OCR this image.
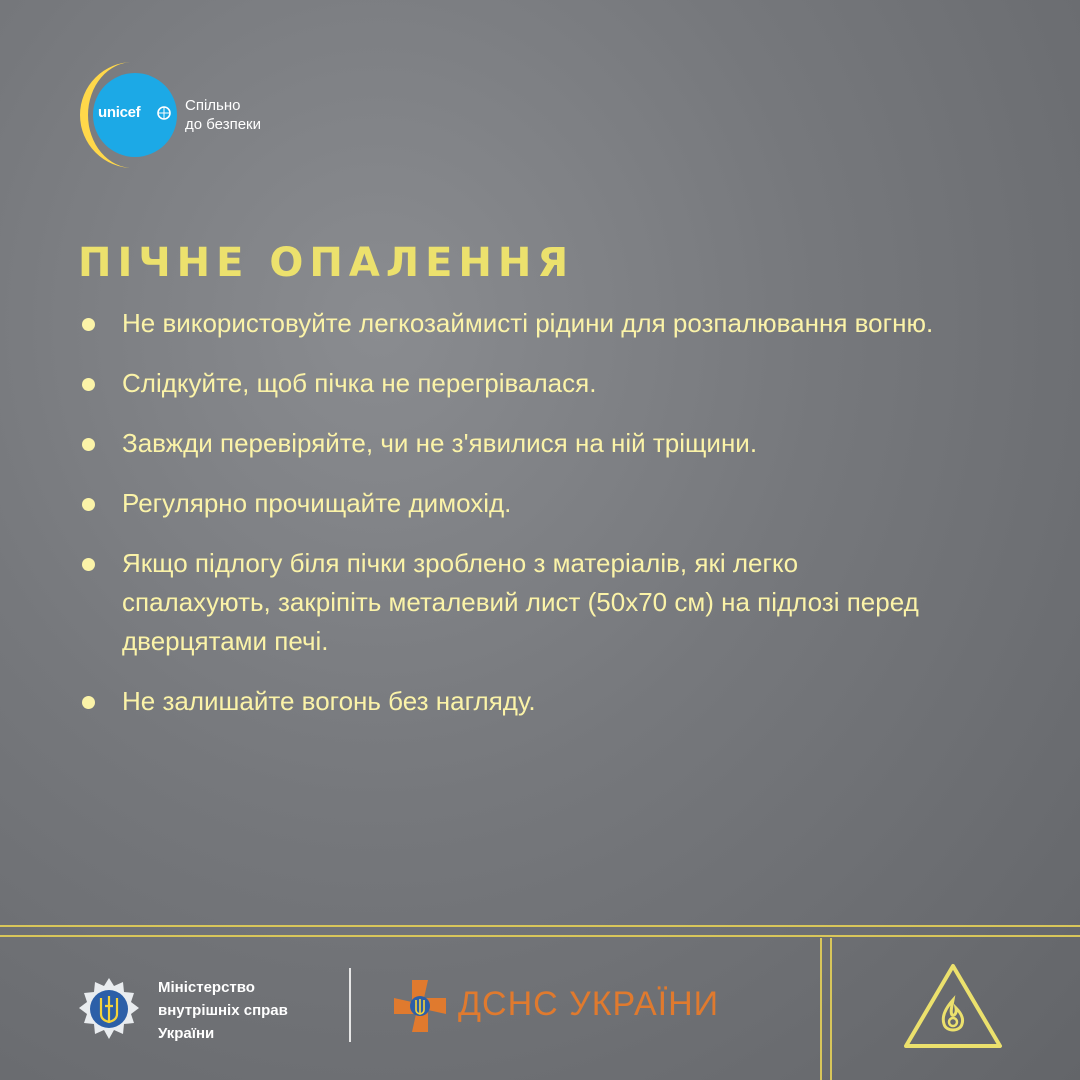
unicef	Спільно
до безпеки
ПІЧНЕ ОПАЛЕННЯ
Не використовуйте легкозаймисті рідини для розпалювання вогню.
Слідкуйте, щоб пічка не перегрівалася.
Завжди перевіряйте, чи не з'явилися на ній тріщини.
Регулярно прочищайте димохід.
Якщо підлогу біля пічки зроблено з матеріалів, які легко спалахують, закріпіть металевий лист (50х70 см) на підлозі перед дверцятами печі.
Не залишайте вогонь без нагляду.
Міністерство
внутрішніх справ
України
ДСНС УКРАЇНИ
